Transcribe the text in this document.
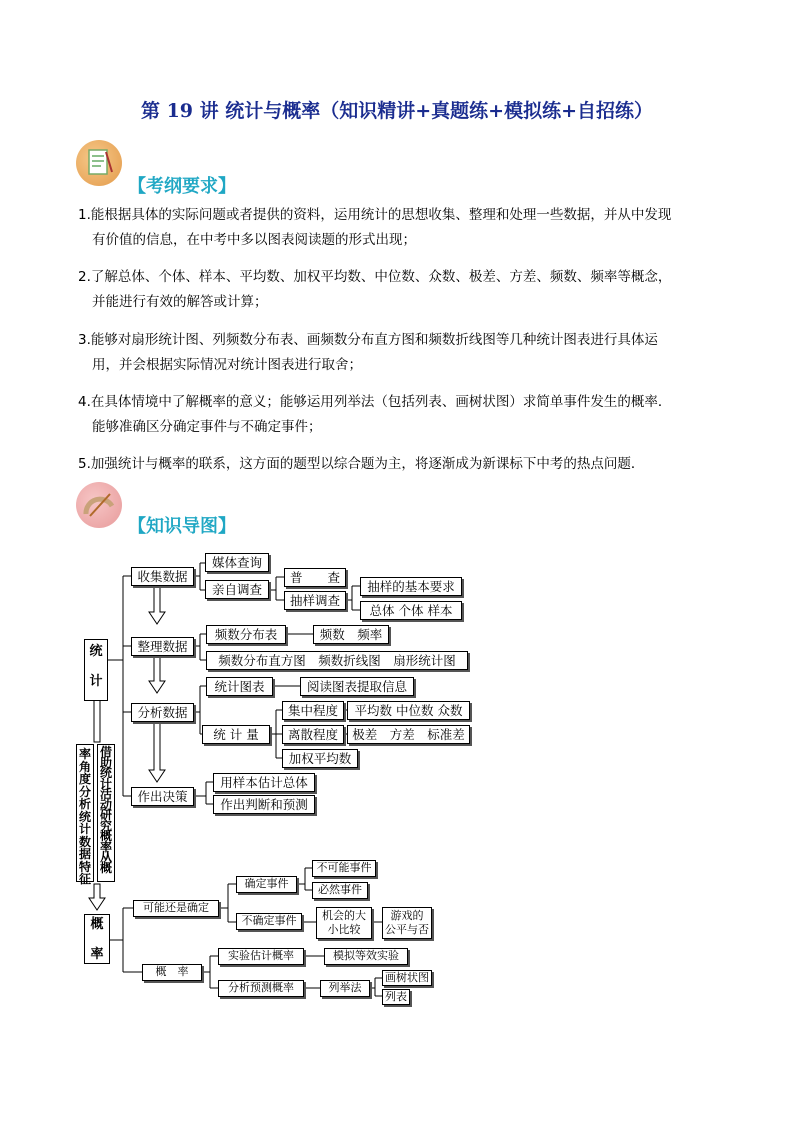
第 19 讲 统计与概率（知识精讲+真题练+模拟练+自招练）
【考纲要求】
1.能根据具体的实际问题或者提供的资料，运用统计的思想收集、整理和处理一些数据，并从中发现
有价值的信息，在中考中多以图表阅读题的形式出现；
2.了解总体、个体、样本、平均数、加权平均数、中位数、众数、极差、方差、频数、频率等概念，
并能进行有效的解答或计算；
3.能够对扇形统计图、列频数分布表、画频数分布直方图和频数折线图等几种统计图表进行具体运
用，并会根据实际情况对统计图表进行取舍；
4.在具体情境中了解概率的意义；能够运用列举法（包括列表、画树状图）求简单事件发生的概率．
能够准确区分确定事件与不确定事件；
5.加强统计与概率的联系，这方面的题型以综合题为主，将逐渐成为新课标下中考的热点问题．
【知识导图】
统

计
概

率
率角度分析统计数据特征
借助统计活动研究概率从概
收集数据
媒体查询
亲自调查
普　　查
抽样调查
抽样的基本要求
总体 个体 样本
整理数据
频数分布表	频数　频率
频数分布直方图　频数折线图　扇形统计图
分析数据
统计图表	阅读图表提取信息
统 计 量
集中程度	平均数 中位数 众数
离散程度	极差　方差　标准差
加权平均数
作出决策
用样本估计总体
作出判断和预测
可能还是确定
确定事件
不可能事件
必然事件
不确定事件	机会的大
小比较
游戏的
公平与否
概　率
实验估计概率	模拟等效实验
分析预测概率	列举法
画树状图
列表
